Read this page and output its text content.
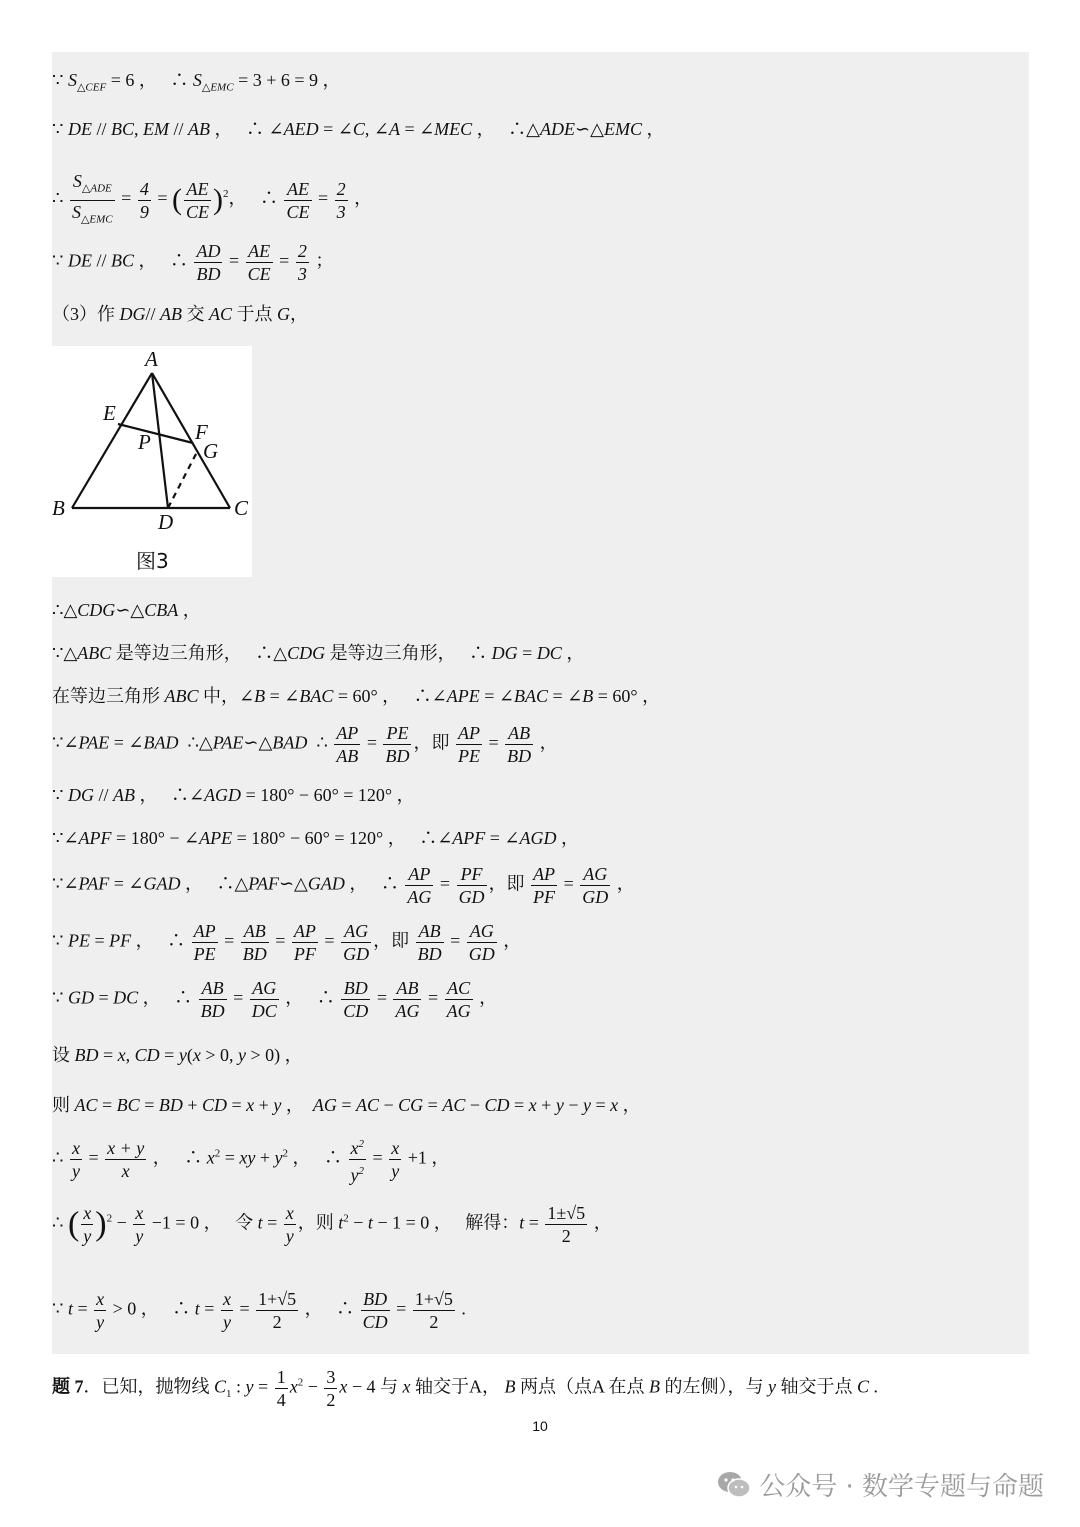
∵ $S_{\triangle CEF} = 6$ ，   ∴ $S_{\triangle EMC} = 3 + 6 = 9$ ，
∵ DE // BC, EM // AB ，   ∴ ∠AED = ∠C, ∠A = ∠MEC ，   ∴△ADE∽△EMC ，
∴ $\frac{S_{\triangle ADE}}{S_{\triangle EMC}} = \frac{4}{9}$ = ( $\frac{AE}{CE} )^2$，   ∴ $\frac{AE}{CE} = \frac{2}{3}$ ，
∵ DE // BC ，   ∴ $\frac{AD}{BD} = \frac{AE}{CE} = \frac{2}{3}$ ；
（3）作 DG// AB 交 AC 于点 G，
A
E
P F
G
B
D
C
图3
∴△CDG∽△CBA ，
∵△ABC 是等边三角形，   ∴△CDG 是等边三角形，   ∴ DG = DC ，
在等边三角形 ABC 中，∠B = ∠BAC = 60° ，   ∴∠APE = ∠BAC = ∠B = 60° ，
∵∠PAE = ∠BAD  ∴△PAE∽△BAD  ∴ $\frac{AP}{AB} = \frac{PE}{BD}$ ，即 $\frac{AP}{PE} = \frac{AB}{BD}$ ，
∵ DG // AB ，   ∴∠AGD = 180° − 60° = 120° ，
∵∠APF = 180° − ∠APE = 180° − 60° = 120° ，   ∴∠APF = ∠AGD ，
∵∠PAF = ∠GAD ，   ∴△PAF∽△GAD ，   ∴ $\frac{AP}{AG} = \frac{PF}{GD}$ ，即 $\frac{AP}{PF} = \frac{AG}{GD}$ ，
∵ PE = PF ，   ∴ $\frac{AP}{PE} = \frac{AB}{BD} = \frac{AP}{PF} = \frac{AG}{GD}$ ，即 $\frac{AB}{BD} = \frac{AG}{GD}$ ，
∵ GD = DC ，   ∴ $\frac{AB}{BD} = \frac{AG}{DC}$ ，   ∴ $\frac{BD}{CD} = \frac{AB}{AG} = \frac{AC}{AG}$ ，
设 BD = x, CD = y(x > 0, y > 0) ，
则 AC = BC = BD + CD = x + y ，  AG = AC − CG = AC − CD = x + y − y = x ，
∴ $\frac{x}{y} = \frac{x + y}{x}$ ，   ∴ $x^2$ = xy + $y^2$ ，   ∴ $\frac{x^2}{y^2} = \frac{x}{y} +1$ ，
∴ ( $\frac{x}{y} )^2 - \frac{x}{y} -1 = 0$ ，   令 $t = \frac{x}{y}$ ，则 $t^2 - t - 1 = 0$ ，   解得：$t = \frac{1\pm√5}{2}$ ，
∵ $t = \frac{x}{y} > 0$ ，   ∴ $t = \frac{x}{y} = \frac{1+√5}{2}$ ，   ∴ $\frac{BD}{CD} = \frac{1+√5}{2}$ .
题 7．已知，抛物线 $C_1$ : $y = \frac{1}{4} x^2 - \frac{3}{2}$ x − 4 与 x 轴交于A， B 两点（点A 在点 B 的左侧），与 y 轴交于点 C .
10
公众号 · 数学专题与命题
